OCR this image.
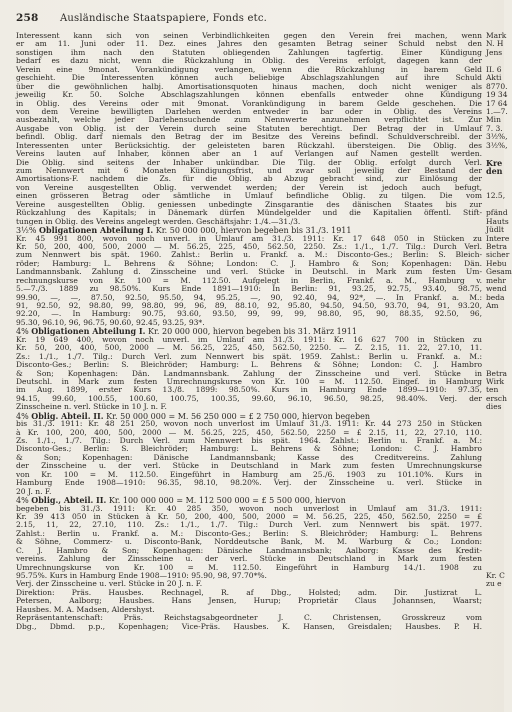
258 Ausländische Staatspapiere, Fonds etc.
Interessent kann sich von seinen Verbindlichkeiten gegen den Verein frei machen, wenn
er am 11. Juni oder 11. Dez. eines Jahres den gesamten Betrag seiner Schuld nebst den
sonstigen ihm nach den Statuten obliegenden Zahlungen tagfertig. Einer Kündigung
bedarf es dazu nicht, wenn die Rückzahlung in Oblig. des Vereins erfolgt, dagegen kann der
Verein eine 9monat. Vorankündigung verlangen, wenn die Rückzahlung in barem Geld
geschieht. Die Interessenten können auch beliebige Abschlagszahlungen auf ihre Schuld
über die gewöhnlichen halbj. Amortisationsquoten hinaus machen, doch nicht weniger als
jeweilig Kr. 50. Solche Abschlagszahlungen können ebenfalls entweder ohne Kündigung
in Oblig. des Vereins oder mit 9monat. Vorankündigung in barem Gelde geschehen. Die
von dem Vereine bewilligten Darlehen werden entweder in bar oder in Oblig. des Vereins
ausbezahlt, welche jeder Darlehensuchende zum Nennwerte anzunehmen verpflichtet ist. Zur
Ausgabe von Oblig. ist der Verein durch seine Statuten berechtigt. Der Betrag der in Umlauf
befindl. Oblig. darf niemals den Betrag der im Besitze des Vereins befindl. Schuldverschreibl. der
Interessenten unter Berücksichtig. der geleisteten baren Rückzahl. übersteigen. Die Oblig. des
Vereins lauten auf Inhaber, können aber an 1 auf Verlangen auf Namen gestellt werden.
Die Oblig. sind seitens der Inhaber unkündbar. Die Tilg. der Oblig. erfolgt durch Verl.
zum Nennwert mit 6 Monaten Kündigungsfrist, und zwar soll jeweilig der Bestand der
Amortisations-F. nachdem die Zs. für die Oblig. ab Abzug gebracht sind, zur Einlösung der
von Vereine ausgestellten Oblig. verwendet werden; der Verein ist jedoch auch befugt,
einen grösseren Betrag oder sämtliche in Umlauf befindliche Oblig. zu tilgen. Die vom
Vereine ausgestellten Oblig. geniessen unbedingte Zinsgarantie des dänischen Staates bis zur
Rückzahlung des Kapitals; in Dänemark dürfen Mündelgelder und die Kapitalien öffentl. Stift-
tungen in Oblig. des Vereins angelegt werden. Geschäftsjahr: 1./4.—31./3.
3½% Obligationen Abteilung I. Kr. 50 000 000, hiervon begeben bis 31./3. 1911
Kr. 45 991 800, wovon noch unverl. in Umlauf am 31./3. 1911: Kr. 17 648 050 in Stücken zu
Kr. 50, 200, 400, 500, 2000 — M. 56.25, 225, 450, 562.50, 2250. Zs.: 1./1., 1./7. Tilg.: Durch Verl.
zum Nennwert bis spät. 1960. Zahlst.: Berlin u. Frankf. a. M.: Disconto-Ges.; Berlin: S. Bleich-
röder; Hamburg: L. Behrens & Söhne; London: C. J. Hambro & Son; Kopenhagen: Dän.
Landmannsbank. Zahlung d. Zinsscheine und verl. Stücke in Deutschl. in Mark zum festen Um-
rechnungskurse von Kr. 100 = M. 112.50. Aufgelegt in Berlin, Frankf. a. M., Hamburg v.
5.—7./3. 1889 zu 98.50%. Kurs Ende 1891—1910: In Berlin: 91, 93.25, 92.75, 93.40, 98.75,
99.90, —, —, 87.50, 92.50, 95.50, 94, 95.25, —, 90, 92.40, 94, 92*, —. In Frankf. a. M.:
91, 92.50, 92, 98.80, 99, 98.80, 99, 96, 89, 88.10, 92, 95.80, 94.50, 94.50, 93.70, 94, 91, 93.20,
92.20, —. In Hamburg: 90.75, 93.60, 93.50, 99, 99, 99, 98.80, 95, 90, 88.35, 92.50, 96,
95.30, 96.10, 96, 96.75, 90.60, 92.45, 93.25, 93*.
4% Obligationen Abteilung I. Kr. 20 000 000, hiervon begeben bis 31. März 1911
Kr. 19 649 400, wovon noch unverl. im Umlauf am 31./3. 1911: Kr. 16 627 700 in Stücken zu
Kr. 50, 200, 400, 500, 2000 — M. 56.25, 225, 450, 562.50, 2250. — Z. 2.15, 11. 22, 27.10, 11.
Zs.: 1./1., 1./7. Tilg.: Durch Verl. zum Nennwert bis spät. 1959. Zahlst.: Berlin u. Frankf. a. M.:
Disconto-Ges.; Berlin: S. Bleichröder; Hamburg: L. Behrens & Söhne; London: C. J. Hambro
& Son; Kopenhagen: Dän. Landmannsbank. Zahlung der Zinsscheine und verl. Stücke in
Deutschl. in Mark zum festen Umrechnungskurse von Kr. 100 = M. 112.50. Eingef. in Hamburg
im Aug. 1899, erster Kurs 13./8. 1899: 98.50%. Kurs in Hamburg Ende 1899—1910: 97.35,
94.15, 99.60, 100.55, 100.60, 100.75, 100.35, 99.60, 96.10, 96.50, 98.25, 98.40%. Verj. der
Zinsscheine n. verl. Stücke in 10 J. n. F.
4% Oblig. Abteil. II. Kr. 50 000 000 = M. 56 250 000 = £ 2 750 000, hiervon begeben
bis 31./3. 1911: Kr. 48 251 250, wovon noch unverlost im Umlauf 31./3. 1911: Kr. 44 273 250 in Stücken
à Kr. 100, 200, 400, 500, 2000 — M. 56.25, 225, 450, 562.50, 2250 = £ 2.15, 11, 22, 27.10, 110.
Zs. 1./1., 1./7. Tilg.: Durch Verl. zum Nennwert bis spät. 1964. Zahlst.: Berlin u. Frankf. a. M.:
Disconto-Ges.; Berlin: S. Bleichröder; Hamburg: L. Behrens & Söhne; London: C. J. Hambro
& Son; Kopenhagen: Dänische Landmannsbank; Kasse des Creditvereins. Zahlung
der Zinsscheine u. der verl. Stücke in Deutschland in Mark zum festen Umrechnungskurse
von Kr. 100 = M. 112.50. Eingeführt in Hamburg am 25./6. 1903 zu 101.10%. Kurs in
Hamburg Ende 1908—1910: 96.35, 98.10, 98.20%. Verj. der Zinsscheine u. verl. Stücke in
20 J. n. F.
4% Oblig., Abteil. II. Kr. 100 000 000 = M. 112 500 000 = £ 5 500 000, hiervon
begeben bis 31./3. 1911: Kr. 40 285 350, wovon noch unverlost in Umlauf am 31./3. 1911:
Kr. 39 413 050 in Stücken à Kr. 50, 200, 400, 500, 2000 = M. 56.25, 225, 450, 562.50, 2250 = £
2.15, 11, 22, 27.10, 110. Zs.: 1./1., 1./7. Tilg.: Durch Verl. zum Nennwert bis spät. 1977.
Zahlst.: Berlin u. Frankf. a. M.: Disconto-Ges.; Berlin: S. Bleichröder; Hamburg: L. Behrens
& Söhne, Commerz- u. Disconto-Bank, Norddeutsche Bank, M. M. Warburg & Co.; London:
C. J. Hambro & Son; Kopenhagen: Dänische Landmannsbank; Aalborg: Kasse des Kredit-
vereins. Zahlung der Zinsscheine u. der verl. Stücke in Deutschland in Mark zum festen
Umrechnungskurse von Kr. 100 = M. 112.50. Eingeführt in Hamburg 14./1. 1908 zu
95.75%. Kurs in Hamburg Ende 1908—1910: 95.90, 98, 97.70*%.
Verj. der Zinsscheine u. verl. Stücke in 20 J. n. F.
Direktion: Präs. Hausbes. Rechnagel, R. af Dbg., Holsted; adm. Dir. Justizrat L.
Petersen, Aalborg; Hausbes. Hans Jensen, Hurup; Proprietär Claus Johannsen, Waarst;
Hausbes. M. A. Madsen, Aldershyst.
Repräsentantenschaft: Präs. Reichstagsabgeordneter J. C. Christensen, Grosskreuz vom
Dbg., Dbmd. p.p., Kopenhagen; Vice-Präs. Hausbes. K. Hansen, Greisdalen; Hausbes. P. H.
Mark
N. H
Jens
II. 6
Akti
8770.
19 34
17 64
1.—7.
Min
7. 3.
3½%,
3½%,
Kre
den
12.5,
pfänd
Hauts
Jüdlt
Intere
Betra
sicher
Hebu
Gesam
mehr
wend
beda
Am
Betra
Wirk
ten
ersch
dies
Kr. C
zu e
